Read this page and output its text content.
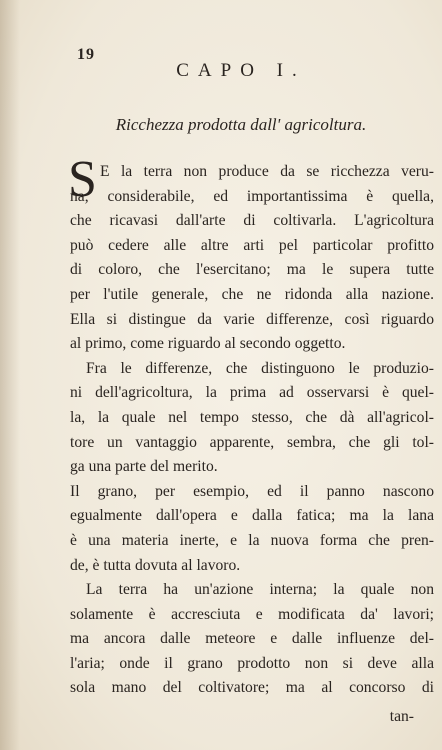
19
CAPO I.
Ricchezza prodotta dall' agricoltura.
S E la terra non produce da se ricchezza veru-
na, considerabile, ed importantissima è quella,
che ricavasi dall'arte di coltivarla. L'agricoltura
può cedere alle altre arti pel particolar profitto
di coloro, che l'esercitano; ma le supera tutte
per l'utile generale, che ne ridonda alla nazione.
Ella si distingue da varie differenze, così riguardo
al primo, come riguardo al secondo oggetto.
Fra le differenze, che distinguono le produzio-
ni dell'agricoltura, la prima ad osservarsi è quel-
la, la quale nel tempo stesso, che dà all'agricol-
tore un vantaggio apparente, sembra, che gli tol-
ga una parte del merito.
Il grano, per esempio, ed il panno nascono
egualmente dall'opera e dalla fatica; ma la lana
è una materia inerte, e la nuova forma che pren-
de, è tutta dovuta al lavoro.
La terra ha un'azione interna; la quale non
solamente è accresciuta e modificata da' lavori;
ma ancora dalle meteore e dalle influenze del-
l'aria; onde il grano prodotto non si deve alla
sola mano del coltivatore; ma al concorso di
tan-
